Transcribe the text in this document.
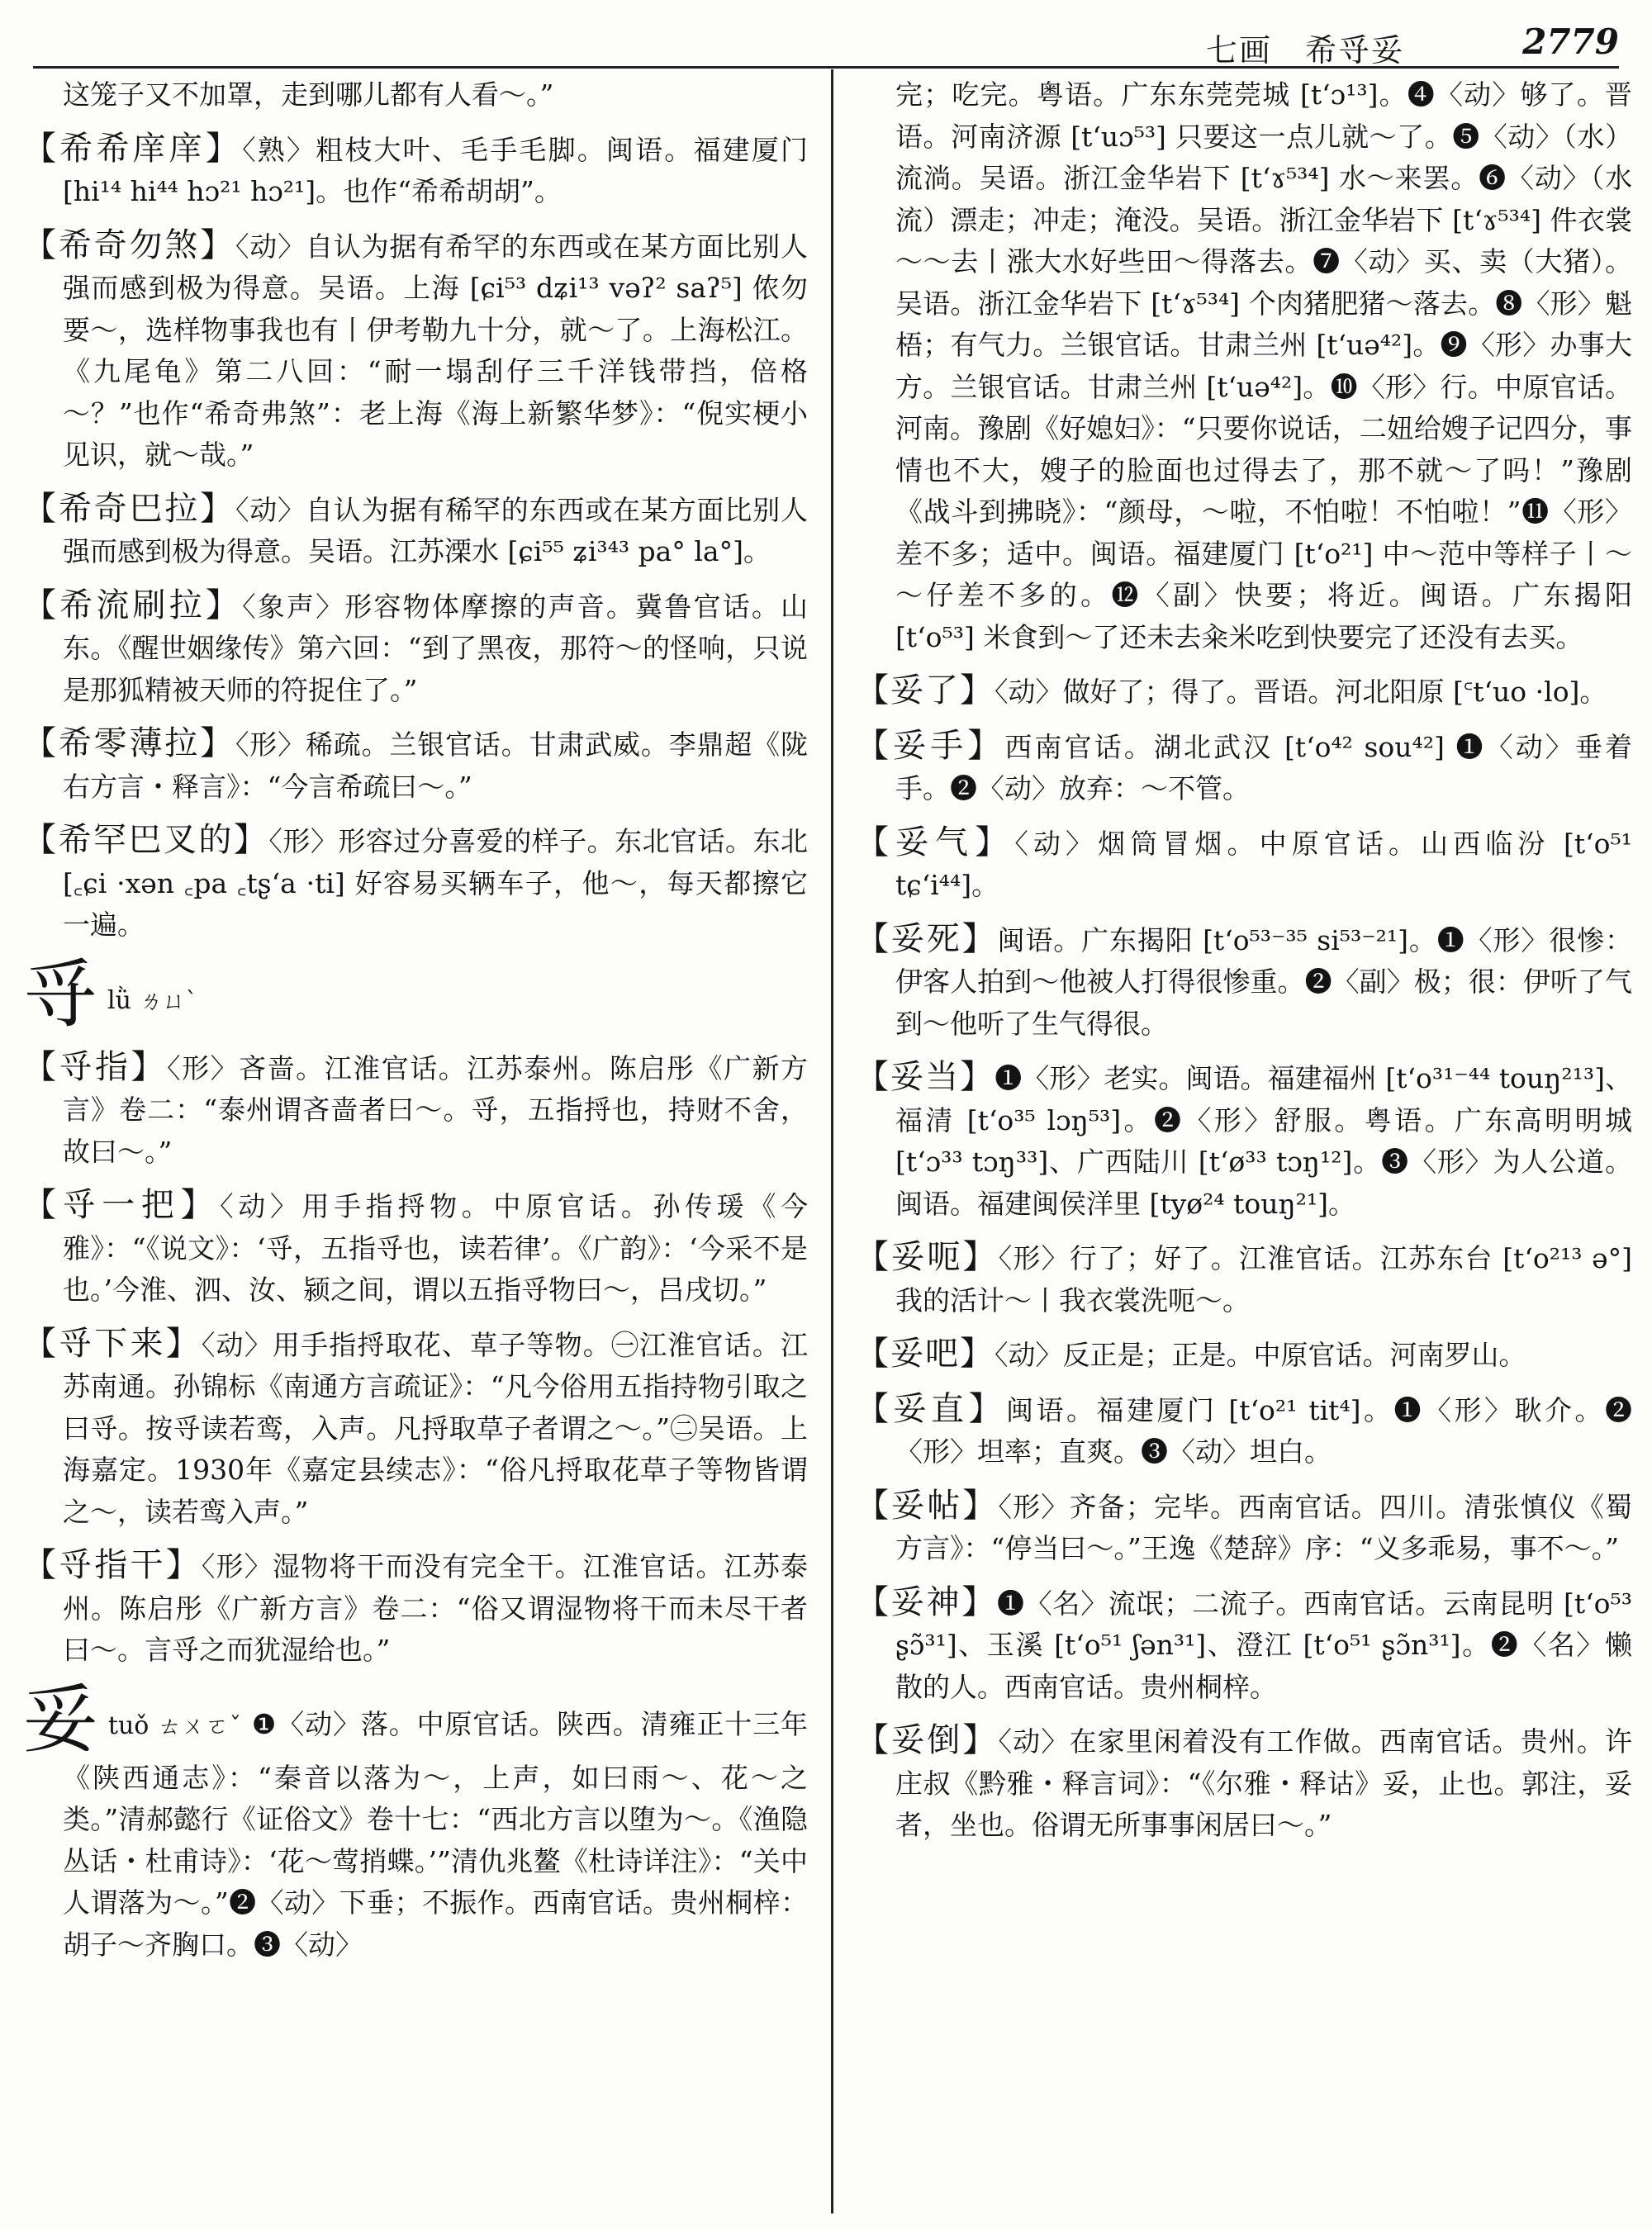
七画　希寽妥	2779

这笼子又不加罩，走到哪儿都有人看～。”

【希希庠庠】〈熟〉粗枝大叶、毛手毛脚。闽语。福建厦门 [hi¹⁴ hi⁴⁴ hɔ²¹ hɔ²¹]。也作“希希胡胡”。

【希奇勿煞】〈动〉自认为据有希罕的东西或在某方面比别人强而感到极为得意。吴语。上海 [ɕi⁵³ dʑi¹³ vəʔ² saʔ⁵] 侬勿要～，选样物事我也有丨伊考勒九十分，就～了。上海松江。《九尾龟》第二八回：“耐一塌刮仔三千洋钱带挡，倍格～？”也作“希奇弗煞”：老上海《海上新繁华梦》：“倪实梗小见识，就～哉。”

【希奇巴拉】〈动〉自认为据有稀罕的东西或在某方面比别人强而感到极为得意。吴语。江苏溧水 [ɕi⁵⁵ ʑi³⁴³ pa° la°]。

【希流刷拉】〈象声〉形容物体摩擦的声音。冀鲁官话。山东。《醒世姻缘传》第六回：“到了黑夜，那符～的怪响，只说是那狐精被天师的符捉住了。”

【希零薄拉】〈形〉稀疏。兰银官话。甘肃武威。李鼎超《陇右方言・释言》：“今言希疏曰～。”

【希罕巴叉的】〈形〉形容过分喜爱的样子。东北官话。东北 [꜀ɕi ·xən ꜀pa ꜀tʂʻa ·ti] 好容易买辆车子，他～，每天都擦它一遍。

寽lǜ ㄌㄩˋ

【寽指】〈形〉吝啬。江淮官话。江苏泰州。陈启彤《广新方言》卷二：“泰州谓吝啬者曰～。寽，五指捋也，持财不舍，故曰～。”

【寽一把】〈动〉用手指捋物。中原官话。孙传瑗《今雅》：“《说文》：‘寽，五指寽也，读若律’。《广韵》：‘今采不是也。’今淮、泗、汝、颍之间，谓以五指寽物曰～，吕戌切。”

【寽下来】〈动〉用手指捋取花、草子等物。㊀江淮官话。江苏南通。孙锦标《南通方言疏证》：“凡今俗用五指持物引取之曰寽。按寽读若鸾，入声。凡捋取草子者谓之～。”㊁吴语。上海嘉定。1930年《嘉定县续志》：“俗凡捋取花草子等物皆谓之～，读若鸾入声。”

【寽指干】〈形〉湿物将干而没有完全干。江淮官话。江苏泰州。陈启彤《广新方言》卷二：“俗又谓湿物将干而未尽干者曰～。言寽之而犹湿给也。”

妥tuǒ ㄊㄨㄛˇ ❶〈动〉落。中原官话。陕西。清雍正十三年《陕西通志》：“秦音以落为～，上声，如曰雨～、花～之类。”清郝懿行《证俗文》卷十七：“西北方言以堕为～。《渔隐丛话・杜甫诗》：‘花～莺捎蝶。’”清仇兆鳌《杜诗详注》：“关中人谓落为～。”❷〈动〉下垂；不振作。西南官话。贵州桐梓：胡子～齐胸口。❸〈动〉

完；吃完。粤语。广东东莞莞城 [tʻɔ¹³]。❹〈动〉够了。晋语。河南济源 [tʻuɔ⁵³] 只要这一点儿就～了。❺〈动〉（水）流淌。吴语。浙江金华岩下 [tʻɤ⁵³⁴] 水～来罢。❻〈动〉（水流）漂走；冲走；淹没。吴语。浙江金华岩下 [tʻɤ⁵³⁴] 件衣裳～～去丨涨大水好些田～得落去。❼〈动〉买、卖（大猪）。吴语。浙江金华岩下 [tʻɤ⁵³⁴] 个肉猪肥猪～落去。❽〈形〉魁梧；有气力。兰银官话。甘肃兰州 [tʻuə⁴²]。❾〈形〉办事大方。兰银官话。甘肃兰州 [tʻuə⁴²]。❿〈形〉行。中原官话。河南。豫剧《好媳妇》：“只要你说话，二妞给嫂子记四分，事情也不大，嫂子的脸面也过得去了，那不就～了吗！”豫剧《战斗到拂晓》：“颜母，～啦，不怕啦！不怕啦！”⓫〈形〉差不多；适中。闽语。福建厦门 [tʻo²¹] 中～范中等样子丨～～仔差不多的。⓬〈副〉快要；将近。闽语。广东揭阳 [tʻo⁵³] 米食到～了还未去籴米吃到快要完了还没有去买。

【妥了】〈动〉做好了；得了。晋语。河北阳原 [꜂tʻuo ·lo]。

【妥手】西南官话。湖北武汉 [tʻo⁴² sou⁴²] ❶〈动〉垂着手。❷〈动〉放弃：～不管。

【妥气】〈动〉烟筒冒烟。中原官话。山西临汾 [tʻo⁵¹ tɕʻi⁴⁴]。

【妥死】闽语。广东揭阳 [tʻo⁵³⁻³⁵ si⁵³⁻²¹]。❶〈形〉很惨：伊客人拍到～他被人打得很惨重。❷〈副〉极；很：伊听了气到～他听了生气得很。

【妥当】❶〈形〉老实。闽语。福建福州 [tʻo³¹⁻⁴⁴ touŋ²¹³]、福清 [tʻo³⁵ lɔŋ⁵³]。❷〈形〉舒服。粤语。广东高明明城 [tʻɔ³³ tɔŋ³³]、广西陆川 [tʻø³³ tɔŋ¹²]。❸〈形〉为人公道。闽语。福建闽侯洋里 [tyø²⁴ touŋ²¹]。

【妥呃】〈形〉行了；好了。江淮官话。江苏东台 [tʻo²¹³ ə°] 我的活计～丨我衣裳洗呃～。

【妥吧】〈动〉反正是；正是。中原官话。河南罗山。

【妥直】闽语。福建厦门 [tʻo²¹ tit⁴]。❶〈形〉耿介。❷〈形〉坦率；直爽。❸〈动〉坦白。

【妥帖】〈形〉齐备；完毕。西南官话。四川。清张慎仪《蜀方言》：“停当曰～。”王逸《楚辞》序：“义多乖易，事不～。”

【妥神】❶〈名〉流氓；二流子。西南官话。云南昆明 [tʻo⁵³ ʂɔ̃³¹]、玉溪 [tʻo⁵¹ ʃən³¹]、澄江 [tʻo⁵¹ ʂɔ̃n³¹]。❷〈名〉懒散的人。西南官话。贵州桐梓。

【妥倒】〈动〉在家里闲着没有工作做。西南官话。贵州。许庄叔《黔雅・释言词》：“《尔雅・释诂》妥，止也。郭注，妥者，坐也。俗谓无所事事闲居曰～。”
